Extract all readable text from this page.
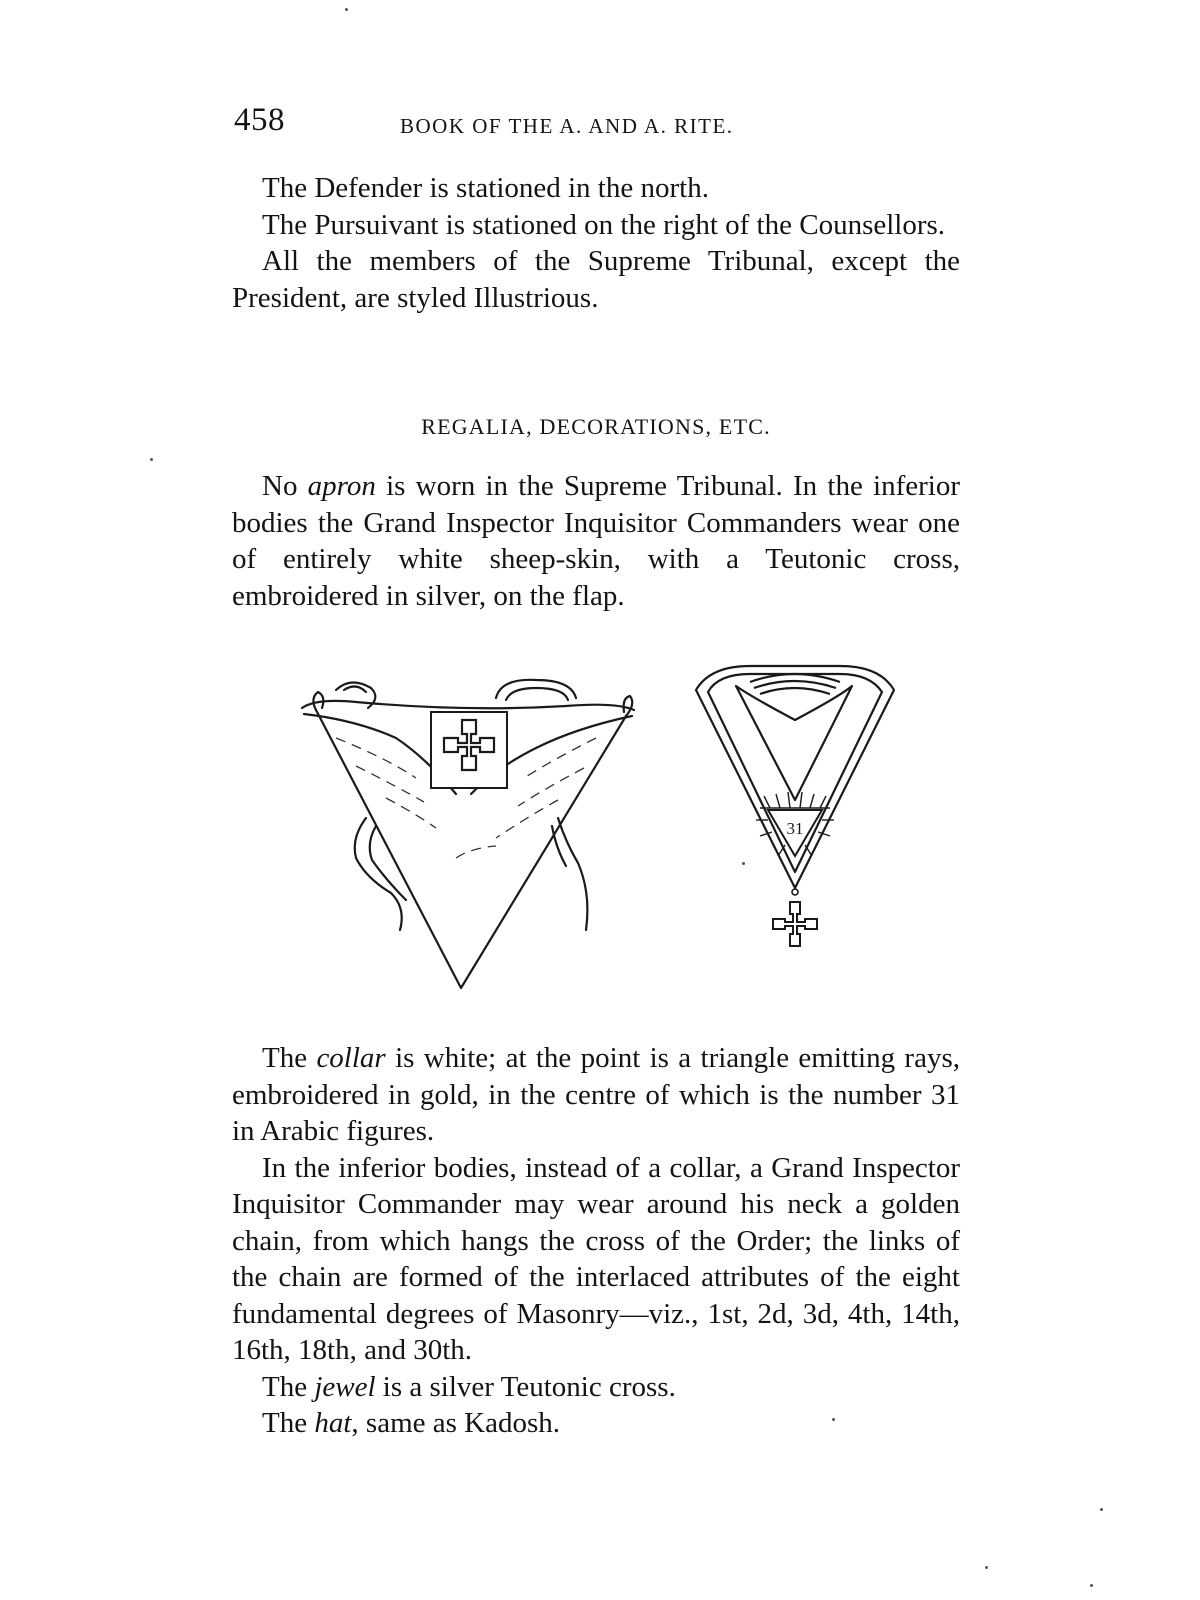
458	BOOK OF THE A. AND A. RITE.

The Defender is stationed in the north.

The Pursuivant is stationed on the right of the Counsellors.

All the members of the Supreme Tribunal, except the President, are styled Illustrious.

REGALIA, DECORATIONS, ETC.

No apron is worn in the Supreme Tribunal. In the inferior bodies the Grand Inspector Inquisitor Commanders wear one of entirely white sheep-skin, with a Teutonic cross, embroidered in silver, on the flap.

31

The collar is white; at the point is a triangle emitting rays, embroidered in gold, in the centre of which is the number 31 in Arabic figures.

In the inferior bodies, instead of a collar, a Grand Inspector Inquisitor Commander may wear around his neck a golden chain, from which hangs the cross of the Order; the links of the chain are formed of the interlaced attributes of the eight fundamental degrees of Masonry—viz., 1st, 2d, 3d, 4th, 14th, 16th, 18th, and 30th.

The jewel is a silver Teutonic cross.

The hat, same as Kadosh.
